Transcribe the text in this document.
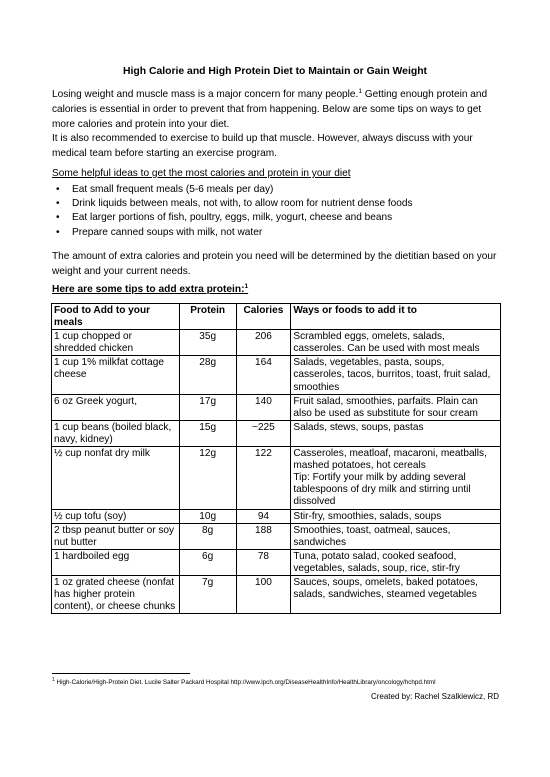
High Calorie and High Protein Diet to Maintain or Gain Weight
Losing weight and muscle mass is a major concern for many people.$^1$ Getting enough protein and calories is essential in order to prevent that from happening. Below are some tips on ways to get more calories and protein into your diet.
It is also recommended to exercise to build up that muscle. However, always discuss with your medical team before starting an exercise program.
Some helpful ideas to get the most calories and protein in your diet
• Eat small frequent meals (5-6 meals per day)
• Drink liquids between meals, not with, to allow room for nutrient dense foods
• Eat larger portions of fish, poultry, eggs, milk, yogurt, cheese and beans
• Prepare canned soups with milk, not water
The amount of extra calories and protein you need will be determined by the dietitian based on your weight and your current needs.
Here are some tips to add extra protein:$^1$
Food to Add to your meals	Protein	Calories	Ways or foods to add it to
1 cup chopped or shredded chicken	35g	206	Scrambled eggs, omelets, salads, casseroles. Can be used with most meals
1 cup 1% milkfat cottage cheese	28g	164	Salads, vegetables, pasta, soups, casseroles, tacos, burritos, toast, fruit salad, smoothies
6 oz Greek yogurt,	17g	140	Fruit salad, smoothies, parfaits. Plain can also be used as substitute for sour cream
1 cup beans (boiled black, navy, kidney)	15g	~225	Salads, stews, soups, pastas
½ cup nonfat dry milk	12g	122	Casseroles, meatloaf, macaroni, meatballs, mashed potatoes, hot cereals
Tip: Fortify your milk by adding several tablespoons of dry milk and stirring until dissolved
½ cup tofu (soy)	10g	94	Stir-fry, smoothies, salads, soups
2 tbsp peanut butter or soy nut butter	8g	188	Smoothies, toast, oatmeal, sauces, sandwiches
1 hardboiled egg	6g	78	Tuna, potato salad, cooked seafood, vegetables, salads, soup, rice, stir-fry
1 oz grated cheese (nonfat has higher protein content), or cheese chunks	7g	100	Sauces, soups, omelets, baked potatoes, salads, sandwiches, steamed vegetables
$^1$ High-Calorie/High-Protein Diet. Lucile Salter Packard Hospital http://www.lpch.org/DiseaseHealthInfo/HealthLibrary/oncology/hchpd.html
Created by: Rachel Szalkiewicz, RD
